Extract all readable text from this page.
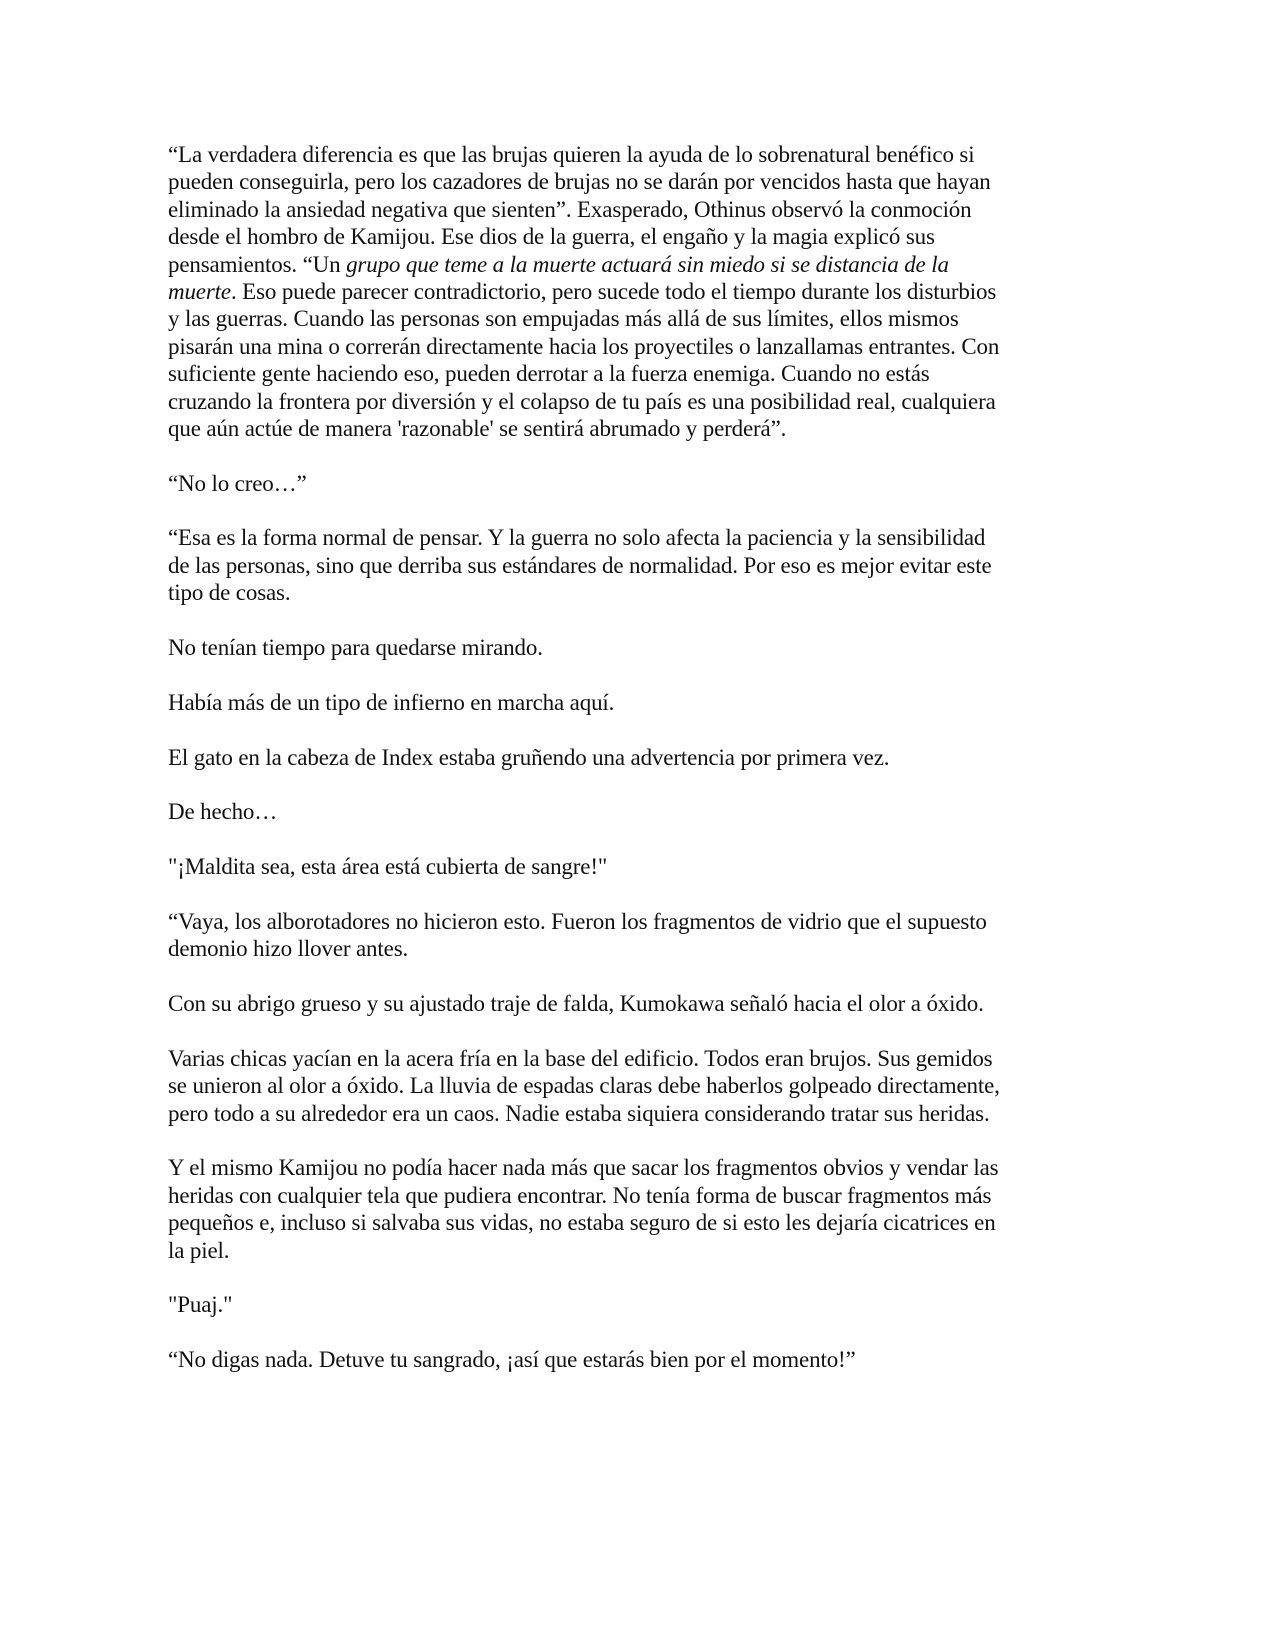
“La verdadera diferencia es que las brujas quieren la ayuda de lo sobrenatural benéfico si
pueden conseguirla, pero los cazadores de brujas no se darán por vencidos hasta que hayan
eliminado la ansiedad negativa que sienten”. Exasperado, Othinus observó la conmoción
desde el hombro de Kamijou. Ese dios de la guerra, el engaño y la magia explicó sus
pensamientos. “Un grupo que teme a la muerte actuará sin miedo si se distancia de la
muerte. Eso puede parecer contradictorio, pero sucede todo el tiempo durante los disturbios
y las guerras. Cuando las personas son empujadas más allá de sus límites, ellos mismos
pisarán una mina o correrán directamente hacia los proyectiles o lanzallamas entrantes. Con
suficiente gente haciendo eso, pueden derrotar a la fuerza enemiga. Cuando no estás
cruzando la frontera por diversión y el colapso de tu país es una posibilidad real, cualquiera
que aún actúe de manera 'razonable' se sentirá abrumado y perderá”.
“No lo creo…”
“Esa es la forma normal de pensar. Y la guerra no solo afecta la paciencia y la sensibilidad
de las personas, sino que derriba sus estándares de normalidad. Por eso es mejor evitar este
tipo de cosas.
No tenían tiempo para quedarse mirando.
Había más de un tipo de infierno en marcha aquí.
El gato en la cabeza de Index estaba gruñendo una advertencia por primera vez.
De hecho…
"¡Maldita sea, esta área está cubierta de sangre!"
“Vaya, los alborotadores no hicieron esto. Fueron los fragmentos de vidrio que el supuesto
demonio hizo llover antes.
Con su abrigo grueso y su ajustado traje de falda, Kumokawa señaló hacia el olor a óxido.
Varias chicas yacían en la acera fría en la base del edificio. Todos eran brujos. Sus gemidos
se unieron al olor a óxido. La lluvia de espadas claras debe haberlos golpeado directamente,
pero todo a su alrededor era un caos. Nadie estaba siquiera considerando tratar sus heridas.
Y el mismo Kamijou no podía hacer nada más que sacar los fragmentos obvios y vendar las
heridas con cualquier tela que pudiera encontrar. No tenía forma de buscar fragmentos más
pequeños e, incluso si salvaba sus vidas, no estaba seguro de si esto les dejaría cicatrices en
la piel.
"Puaj."
“No digas nada. Detuve tu sangrado, ¡así que estarás bien por el momento!”
